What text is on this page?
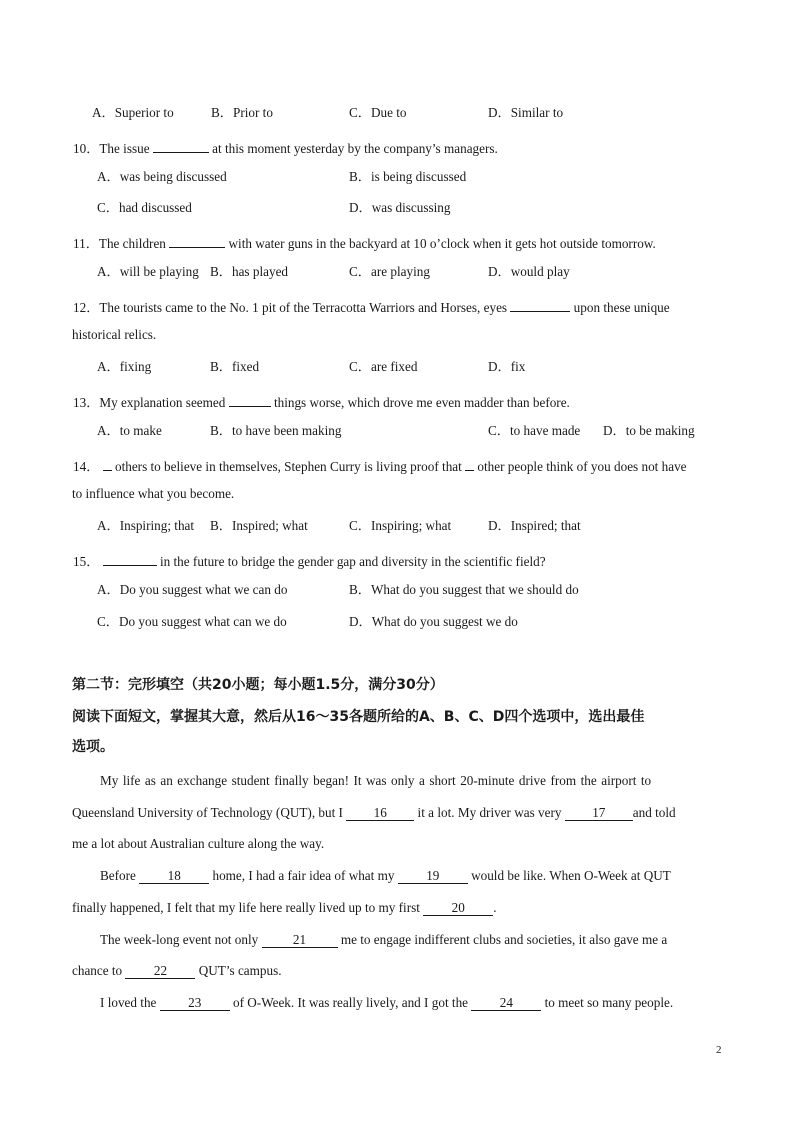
A．Superior to	B．Prior to	C．Due to	D．Similar to
10．The issue	at this moment yesterday by the company’s managers.
A．was being discussed	B．is being discussed
C．had discussed	D．was discussing
11．The children	with water guns in the backyard at 10 o’clock when it gets hot outside tomorrow.
A．will be playing B．has played	C．are playing	D．would play
12．The tourists came to the No. 1 pit of the Terracotta Warriors and Horses, eyes	upon these unique
historical relics.
A．fixing	B．fixed	C．are fixed	D．fix
13．My explanation seemed	things worse, which drove me even madder than before.
A．to make	B．to have been making	C．to have made D．to be making
14． others to believe in themselves, Stephen Curry is living proof that other people think of you does not have
to influence what you become.
A．Inspiring; that B．Inspired; what	C．Inspiring; what	D．Inspired; that
15．	in the future to bridge the gender gap and diversity in the scientific field?
A．Do you suggest what we can do	B．What do you suggest that we should do
C．Do you suggest what can we do	D．What do you suggest we do
第二节：完形填空（共20小题；每小题1.5分，满分30分）
阅读下面短文，掌握其大意，然后从16～35各题所给的A、B、C、D四个选项中，选出最佳
选项。
My life as an exchange student finally began! It was only a short 20-minute drive from the airport to
Queensland University of Technology (QUT), but I 16 it a lot. My driver was very 17 and told
me a lot about Australian culture along the way.
Before 18 home, I had a fair idea of what my 19 would be like. When O-Week at QUT
finally happened, I felt that my life here really lived up to my first 20 .
The week-long event not only	21	me to engage indifferent clubs and societies, it also gave me a
chance to 22 QUT’s campus.
I loved the 23 of O-Week. It was really lively, and I got the 24 to meet so many people.
2
